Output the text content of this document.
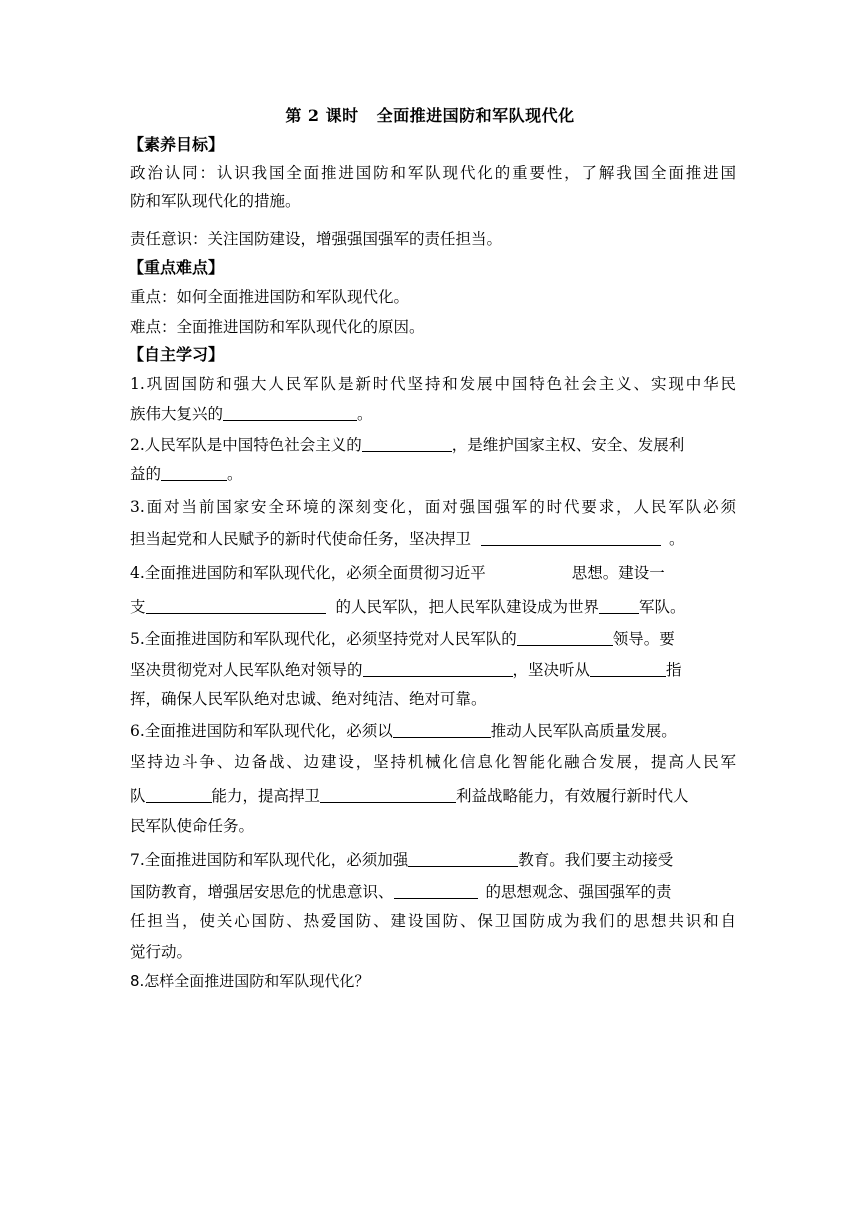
第 2 课时 全面推进国防和军队现代化
【素养目标】
政治认同：认识我国全面推进国防和军队现代化的重要性，了解我国全面推进国
防和军队现代化的措施。
责任意识：关注国防建设，增强强国强军的责任担当。
【重点难点】
重点：如何全面推进国防和军队现代化。
难点：全面推进国防和军队现代化的原因。
【自主学习】
1.巩固国防和强大人民军队是新时代坚持和发展中国特色社会主义、实现中华民
族伟大复兴的	。
2.人民军队是中国特色社会主义的	，是维护国家主权、安全、发展利
益的	。
3.面对当前国家安全环境的深刻变化，面对强国强军的时代要求，人民军队必须
担当起党和人民赋予的新时代使命任务，坚决捍卫	。
4.全面推进国防和军队现代化，必须全面贯彻习近平	思想。建设一
支	的人民军队，把人民军队建设成为世界	军队。
5.全面推进国防和军队现代化，必须坚持党对人民军队的	领导。要
坚决贯彻党对人民军队绝对领导的	，坚决听从	指
挥，确保人民军队绝对忠诚、绝对纯洁、绝对可靠。
6.全面推进国防和军队现代化，必须以	推动人民军队高质量发展。
坚持边斗争、边备战、边建设，坚持机械化信息化智能化融合发展，提高人民军
队	能力，提高捍卫	利益战略能力，有效履行新时代人
民军队使命任务。
7.全面推进国防和军队现代化，必须加强	教育。我们要主动接受
国防教育，增强居安思危的忧患意识、	的思想观念、强国强军的责
任担当，使关心国防、热爱国防、建设国防、保卫国防成为我们的思想共识和自
觉行动。
8.怎样全面推进国防和军队现代化？
